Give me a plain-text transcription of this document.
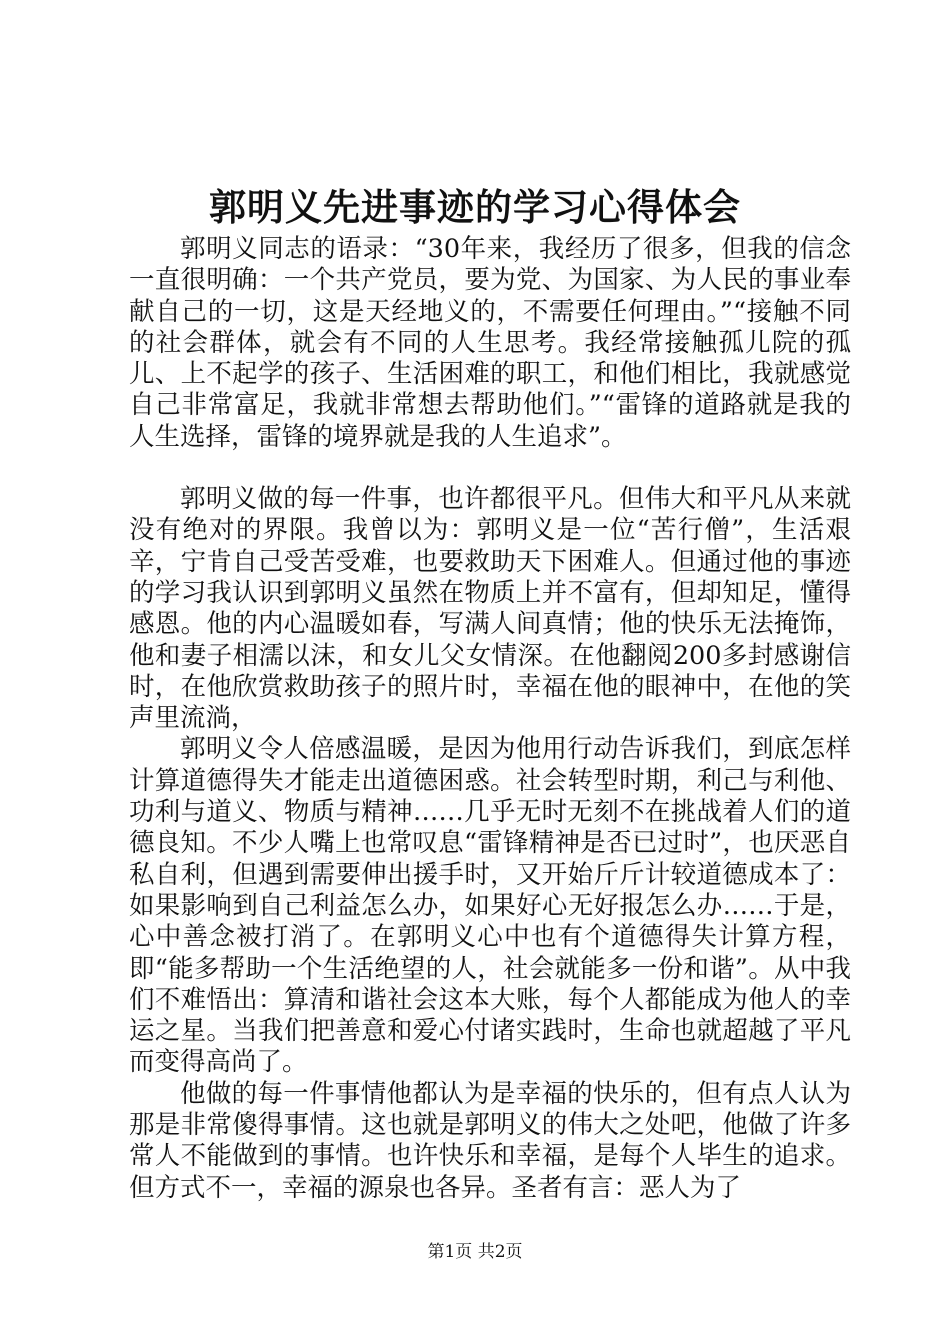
郭明义先进事迹的学习心得体会

郭明义同志的语录：“30年来，我经历了很多，但我的信念一直很明确：一个共产党员，要为党、为国家、为人民的事业奉献自己的一切，这是天经地义的，不需要任何理由。”“接触不同的社会群体，就会有不同的人生思考。我经常接触孤儿院的孤儿、上不起学的孩子、生活困难的职工，和他们相比，我就感觉自己非常富足，我就非常想去帮助他们。”“雷锋的道路就是我的人生选择，雷锋的境界就是我的人生追求”。

郭明义做的每一件事，也许都很平凡。但伟大和平凡从来就没有绝对的界限。我曾以为：郭明义是一位“苦行僧”，生活艰辛，宁肯自己受苦受难，也要救助天下困难人。但通过他的事迹的学习我认识到郭明义虽然在物质上并不富有，但却知足，懂得感恩。他的内心温暖如春，写满人间真情；他的快乐无法掩饰，他和妻子相濡以沫，和女儿父女情深。在他翻阅200多封感谢信时，在他欣赏救助孩子的照片时，幸福在他的眼神中，在他的笑声里流淌，

郭明义令人倍感温暖，是因为他用行动告诉我们，到底怎样计算道德得失才能走出道德困惑。社会转型时期，利己与利他、功利与道义、物质与精神……几乎无时无刻不在挑战着人们的道德良知。不少人嘴上也常叹息“雷锋精神是否已过时”，也厌恶自私自利，但遇到需要伸出援手时，又开始斤斤计较道德成本了：如果影响到自己利益怎么办，如果好心无好报怎么办……于是，心中善念被打消了。在郭明义心中也有个道德得失计算方程，即“能多帮助一个生活绝望的人，社会就能多一份和谐”。从中我们不难悟出：算清和谐社会这本大账，每个人都能成为他人的幸运之星。当我们把善意和爱心付诸实践时，生命也就超越了平凡而变得高尚了。

他做的每一件事情他都认为是幸福的快乐的，但有点人认为那是非常傻得事情。这也就是郭明义的伟大之处吧，他做了许多常人不能做到的事情。也许快乐和幸福，是每个人毕生的追求。但方式不一，幸福的源泉也各异。圣者有言：恶人为了

第1页 共2页
